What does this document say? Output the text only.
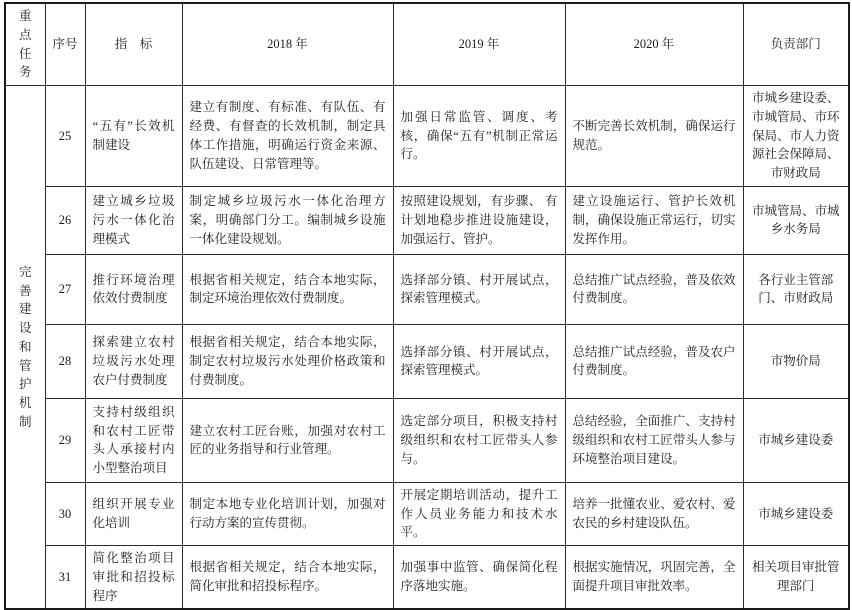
重点任务	序号	指　标	2018 年	2019 年	2020 年	负责部门
完善建设和管护机制	25	“五有”长效机制建设	建立有制度、有标准、有队伍、有经费、有督查的长效机制，制定具体工作措施，明确运行资金来源、队伍建设、日常管理等。	加强日常监管、调度、考核，确保“五有”机制正常运行。	不断完善长效机制，确保运行规范。	市城乡建设委、市城管局、市环保局、市人力资源社会保障局、市财政局
	26	建立城乡垃圾污水一体化治理模式	制定城乡垃圾污水一体化治理方案，明确部门分工。编制城乡设施一体化建设规划。	按照建设规划，有步骤、 有计划地稳步推进设施建设，加强运行、管护。	建立设施运行、管护长效机制，确保设施正常运行，切实发挥作用。	市城管局、市城乡水务局
	27	推行环境治理依效付费制度	根据省相关规定，结合本地实际，制定环境治理依效付费制度。	选择部分镇、村开展试点，探索管理模式。	总结推广试点经验，普及依效付费制度。	各行业主管部门、市财政局
	28	探索建立农村垃圾污水处理农户付费制度	根据省相关规定，结合本地实际，制定农村垃圾污水处理价格政策和付费制度。	选择部分镇、村开展试点，探索管理模式。	总结推广试点经验，普及农户付费制度。	市物价局
	29	支持村级组织和农村工匠带头人承接村内小型整治项目	建立农村工匠台账，加强对农村工匠的业务指导和行业管理。	选定部分项目，积极支持村级组织和农村工匠带头人参与。	总结经验，全面推广、支持村级组织和农村工匠带头人参与环境整治项目建设。	市城乡建设委
	30	组织开展专业化培训	制定本地专业化培训计划，加强对行动方案的宣传贯彻。	开展定期培训活动，提升工作人员业务能力和技术水平。	培养一批懂农业、爱农村、爱农民的乡村建设队伍。	市城乡建设委
	31	简化整治项目审批和招投标程序	根据省相关规定，结合本地实际，简化审批和招投标程序。	加强事中监管、确保简化程序落地实施。	根据实施情况，巩固完善，全面提升项目审批效率。	相关项目审批管理部门
